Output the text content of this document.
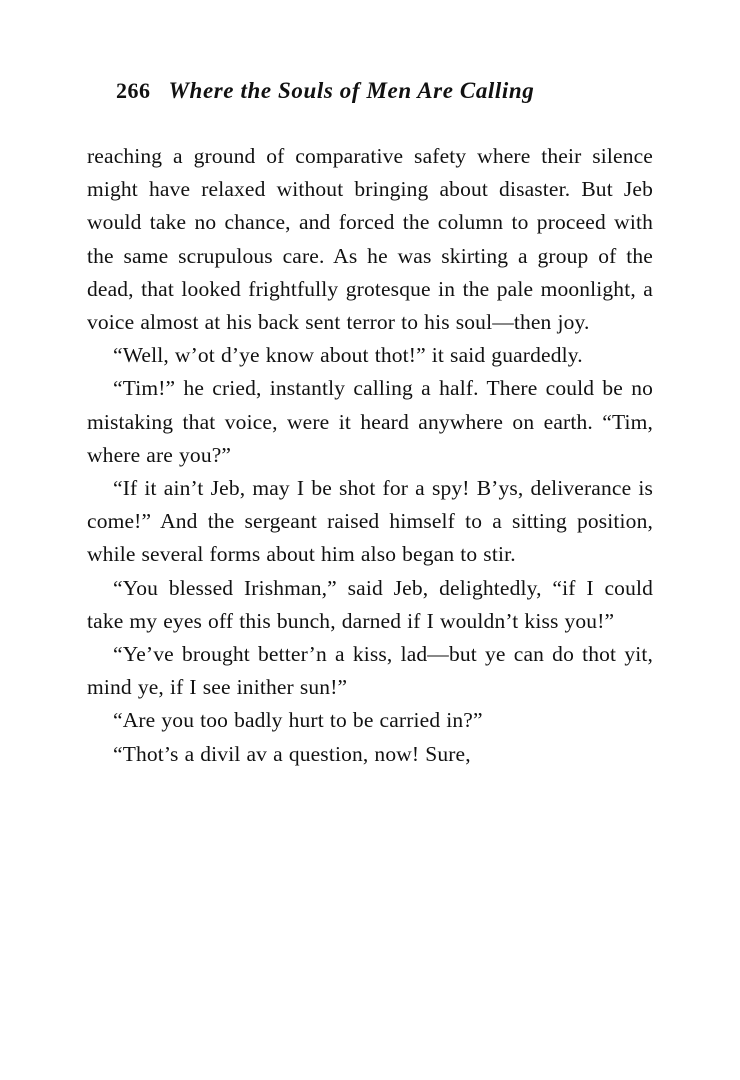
266 Where the Souls of Men Are Calling

reaching a ground of comparative safety where their silence might have relaxed without bringing about disaster. But Jeb would take no chance, and forced the column to proceed with the same scrupulous care. As he was skirting a group of the dead, that looked frightfully grotesque in the pale moonlight, a voice almost at his back sent terror to his soul—then joy.

“Well, w’ot d’ye know about thot!” it said guardedly.

“Tim!” he cried, instantly calling a half. There could be no mistaking that voice, were it heard anywhere on earth. “Tim, where are you?”

“If it ain’t Jeb, may I be shot for a spy! B’ys, deliverance is come!” And the sergeant raised himself to a sitting position, while several forms about him also began to stir.

“You blessed Irishman,” said Jeb, delightedly, “if I could take my eyes off this bunch, darned if I wouldn’t kiss you!”

“Ye’ve brought better’n a kiss, lad—but ye can do thot yit, mind ye, if I see inither sun!”

“Are you too badly hurt to be carried in?”

“Thot’s a divil av a question, now! Sure,
